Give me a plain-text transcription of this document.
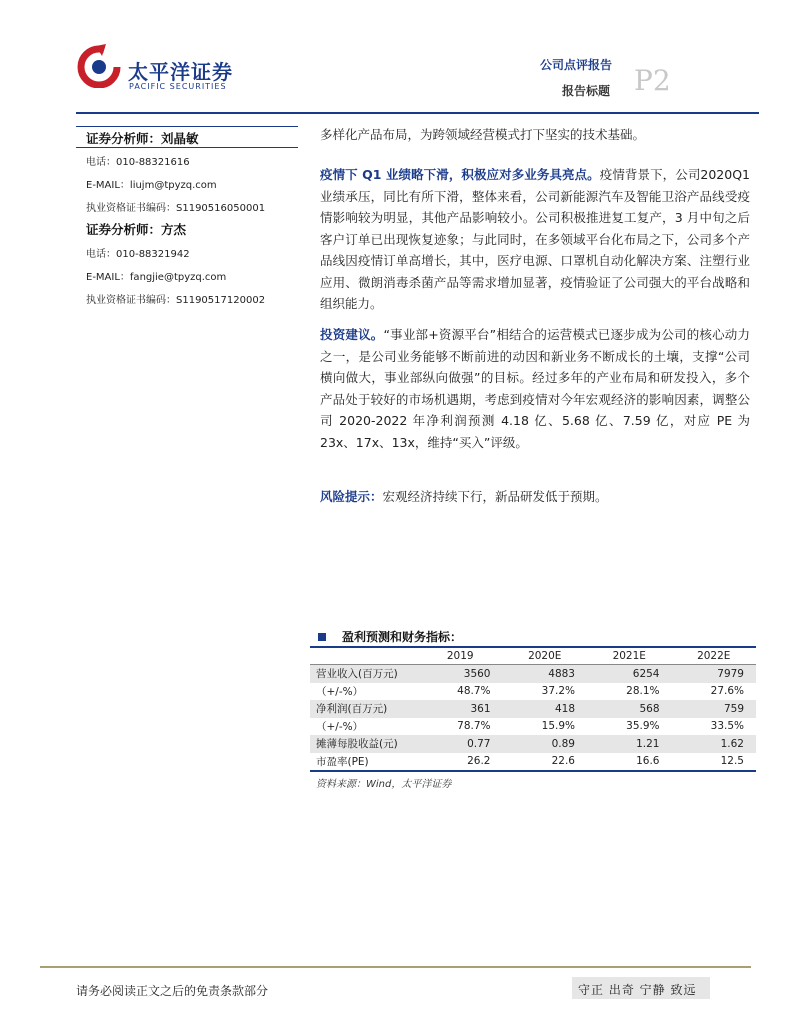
太平洋证券
PACIFIC SECURITIES
公司点评报告
报告标题 P2
证券分析师：刘晶敏
电话：010-88321616
E-MAIL：liujm@tpyzq.com
执业资格证书编码：S1190516050001
证券分析师：方杰
电话：010-88321942
E-MAIL：fangjie@tpyzq.com
执业资格证书编码：S1190517120002

多样化产品布局，为跨领域经营模式打下坚实的技术基础。

疫情下 Q1 业绩略下滑，积极应对多业务具亮点。疫情背景下，公司2020Q1 业绩承压，同比有所下滑，整体来看，公司新能源汽车及智能卫浴产品线受疫情影响较为明显，其他产品影响较小。公司积极推进复工复产，3 月中旬之后客户订单已出现恢复迹象；与此同时，在多领域平台化布局之下，公司多个产品线因疫情订单高增长，其中，医疗电源、口罩机自动化解决方案、注塑行业应用、微朗消毒杀菌产品等需求增加显著，疫情验证了公司强大的平台战略和组织能力。

投资建议。“事业部+资源平台”相结合的运营模式已逐步成为公司的核心动力之一，是公司业务能够不断前进的动因和新业务不断成长的土壤，支撑“公司横向做大，事业部纵向做强”的目标。经过多年的产业布局和研发投入，多个产品处于较好的市场机遇期，考虑到疫情对今年宏观经济的影响因素，调整公司 2020-2022 年净利润预测 4.18 亿、5.68 亿、7.59 亿，对应 PE 为 23x、17x、13x，维持“买入”评级。

风险提示：宏观经济持续下行，新品研发低于预期。

盈利预测和财务指标：
	2019	2020E	2021E	2022E
营业收入(百万元)	3560	4883	6254	7979
（+/-%）	48.7%	37.2%	28.1%	27.6%
净利润(百万元)	361	418	568	759
（+/-%）	78.7%	15.9%	35.9%	33.5%
摊薄每股收益(元)	0.77	0.89	1.21	1.62
市盈率(PE)	26.2	22.6	16.6	12.5
资料来源：Wind，太平洋证券
请务必阅读正文之后的免责条款部分	守正 出奇 宁静 致远
